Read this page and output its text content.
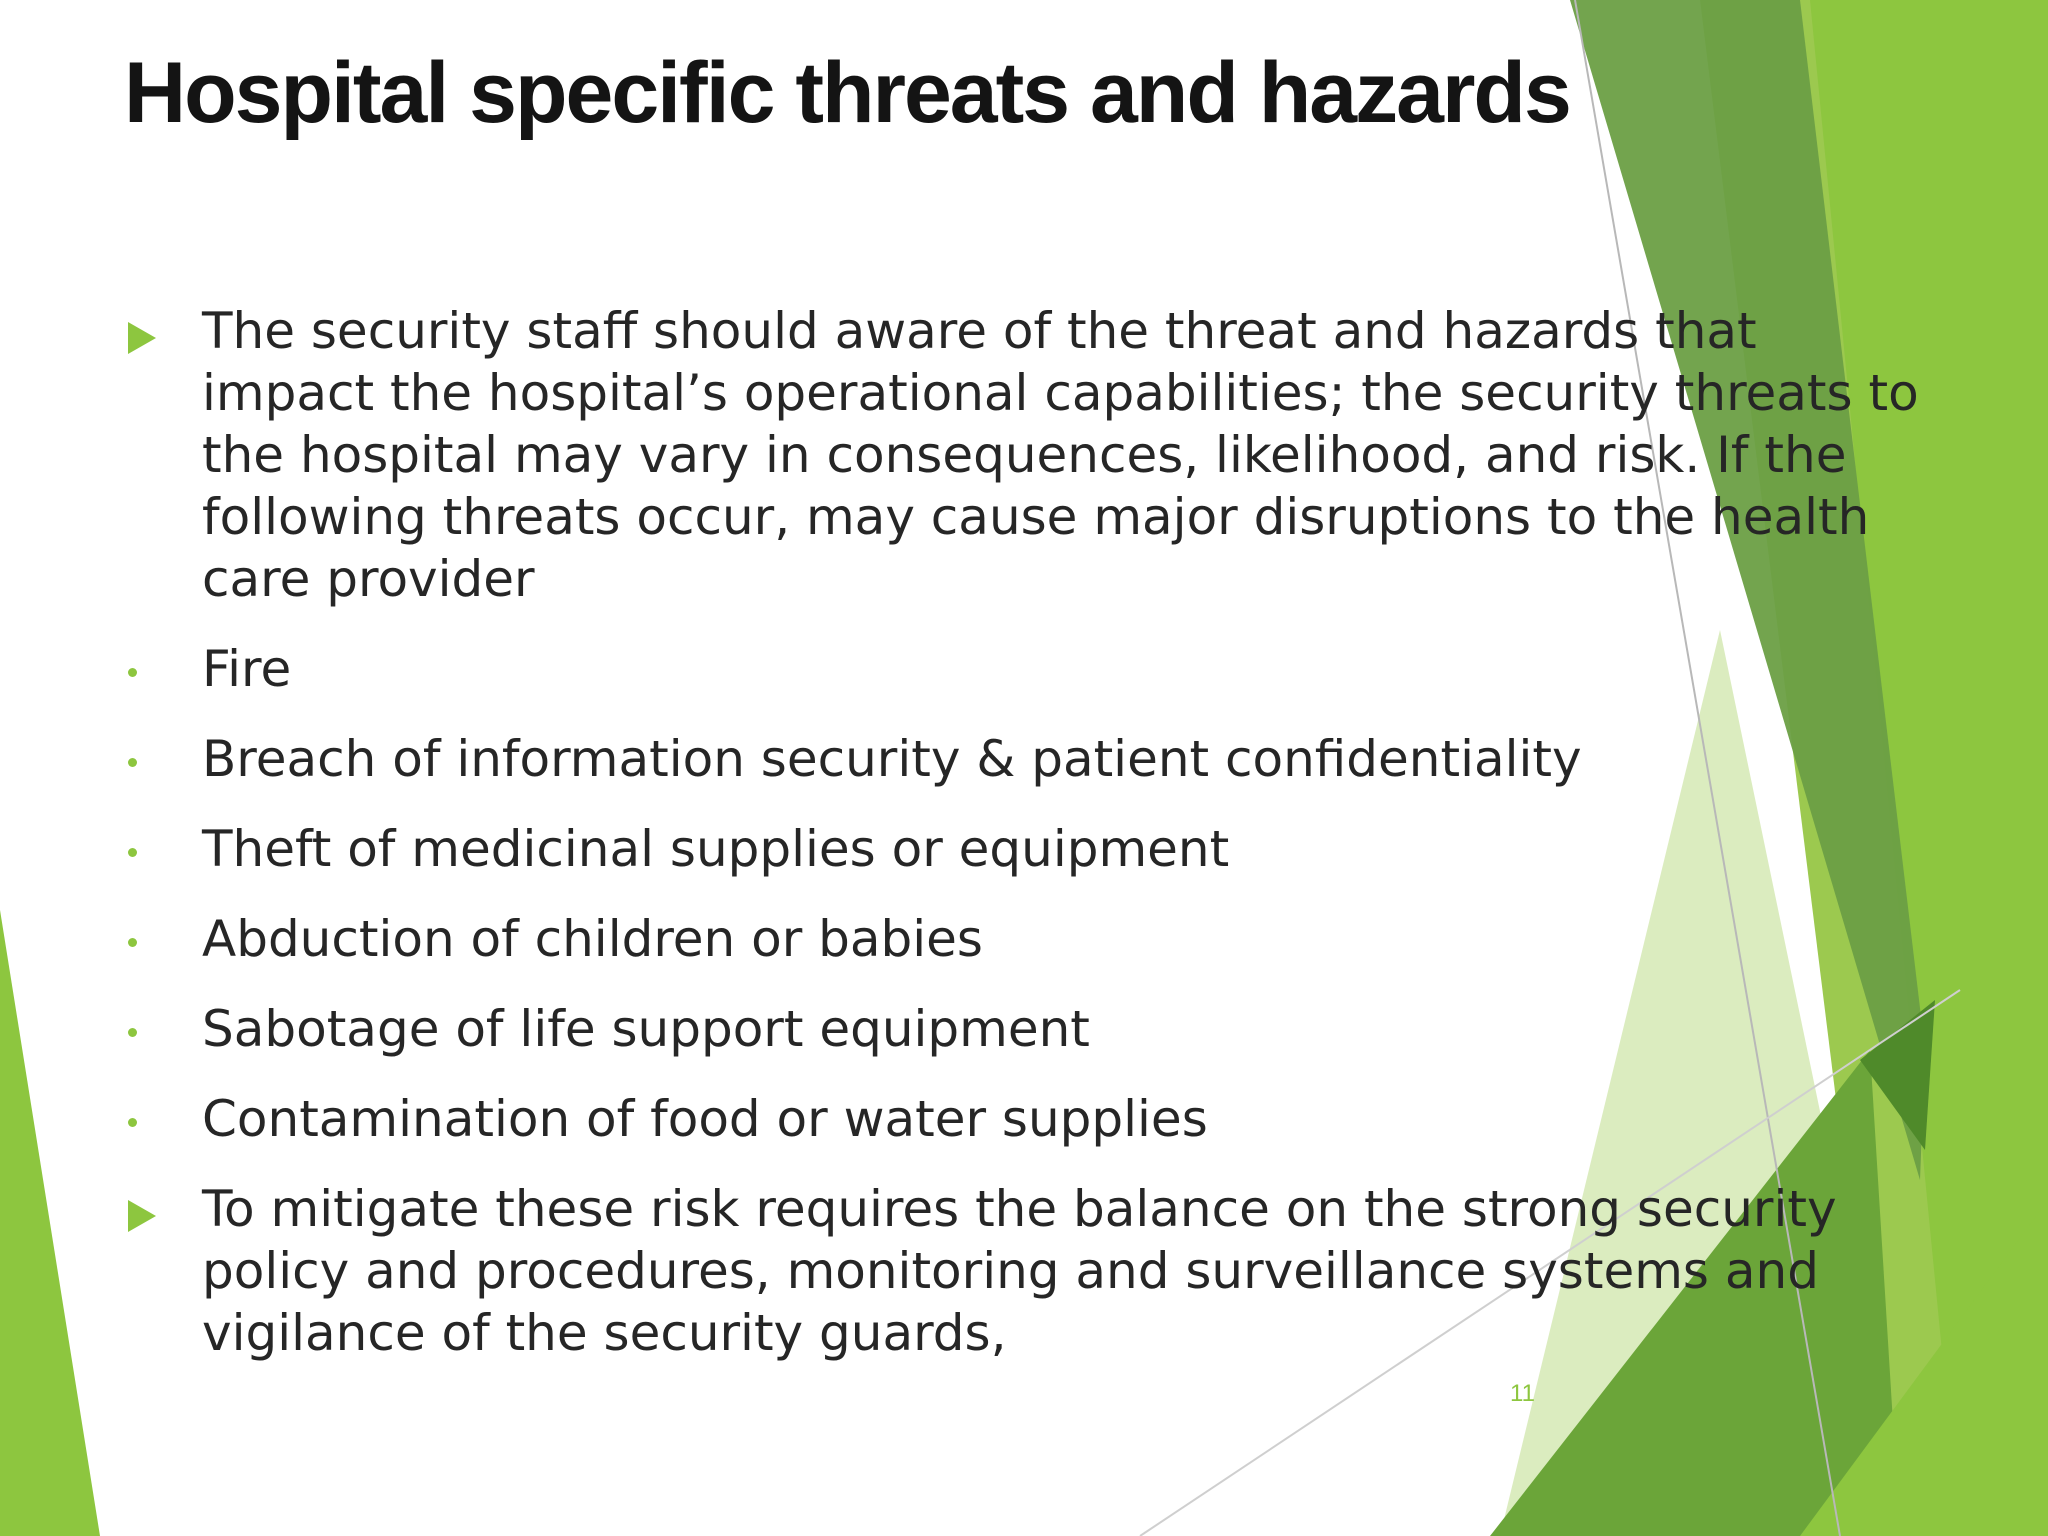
Hospital specific threats and hazards
The security staff should aware of the threat and hazards that impact the hospital’s operational capabilities; the security threats to the hospital may vary in consequences, likelihood, and risk. If the following threats occur, may cause major disruptions to the health care provider
Fire
Breach of information security & patient confidentiality
Theft of medicinal supplies or equipment
Abduction of children or babies
Sabotage of life support equipment
Contamination of food or water supplies
To mitigate these risk requires the balance on the strong security policy and procedures, monitoring and surveillance systems and vigilance of the security guards,
11
